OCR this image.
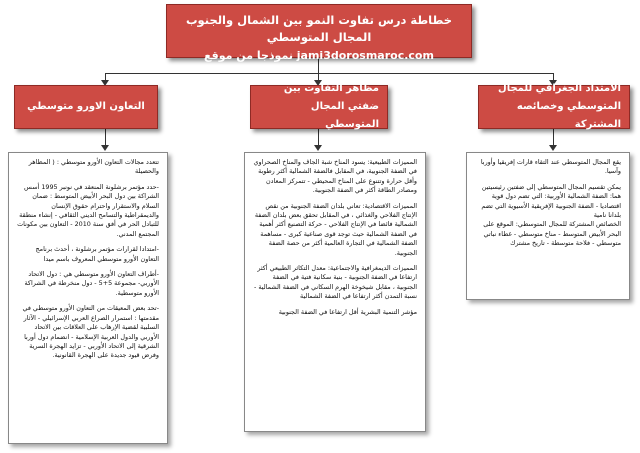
خطاطة درس تفاوت النمو بين الشمال والجنوب المجال المتوسطي
jami3dorosmaroc.com نموذجا من موقع
الامتداد الجغرافي للمجال المتوسطي وخصائصه المشتركة
مظاهر التفاوت بين ضفتي المجال المتوسطي
التعاون الاورو متوسطي
يقع المجال المتوسطي عند التقاء قارات إفريقيا وأوربا وآسيا.
يمكن تقسيم المجال المتوسطي إلى ضفتين رئيسيتين هما: الضفة الشمالية الأوربية: التي تضم دول قوية اقتصاديا - الضفة الجنوبية الإفريقية الأسيوية التي تضم بلدانا نامية
الخصائص المشتركة للمجال المتوسطي: الموقع على البحر الأبيض المتوسط - مناخ متوسطي - غطاء نباتي متوسطي - فلاحة متوسطة - تاريخ مشترك
المميزات الطبيعية: يسود المناخ شبة الجاف والمناخ الصحراوي في الضفة الجنوبية، في المقابل فالضفة الشمالية أكثر رطوبة وأقل حرارة وتتنوع على المناخ المحيطي - تتمركز المعادن ومصادر الطاقة أكثر في الضفة الجنوبية.
المميزات الاقتصادية: تعاني بلدان الضفة الجنوبية من نقص الإنتاج الفلاحي والغذائي ، في المقابل تحقق بعض بلدان الضفة الشمالية فائضا في الإنتاج الفلاحي - حركة التصنيع أكثر أهمية في الضفة الشمالية حيث توجد قوى صناعية كبرى - مساهمة الضفة الشمالية في التجارة العالمية أكثر من حصة الضفة الجنوبية.
المميزات الديمغرافية والاجتماعية: معدل التكاثر الطبيعي أكثر ارتفاعا في الضفة الجنوبية - بنية سكانية فتية في الضفة الجنوبية ، مقابل شيخوخة الهرم السكاني في الضفة الشمالية - نسبة التمدن أكثر ارتفاعا في الضفة الشمالية
مؤشر التنمية البشرية أقل ارتفاعا في الضفة الجنوبية
تتعدد مجالات التعاون الأورو متوسطي : ( المظاهر والحصيلة
-حدد مؤتمر برشلونة المنعقد في نونبر 1995 أسس الشراكة بين دول البحر الأبيض المتوسط : ضمان السلام والاستقرار واحترام حقوق الإنسان والديمقراطية والتسامح الديني الثقافي - إنشاء منطقة للتبادل الحر في أفق سنة 2010 - التعاون بين مكونات المجتمع المدني.
-امتدادا لقرارات مؤتمر برشلونة ، أحدث برنامج التعاون الأورو متوسطي المعروف باسم ميدا
-أطراف التعاون الأورو متوسطي هي : دول الاتحاد الأوربي- مجموعة 5+5 - دول منخرطة في الشراكة الأورو متوسطية.
-تحد بعض المعيقات من التعاون الأورو متوسطي في مقدمتها : استمرار الصراع العربي الإسرائيلي - الآثار السلبية لقضية الإرهاب على العلاقات بين الاتحاد الأوربي والدول العربية الإسلامية - انضمام دول أوربا الشرقية إلى الاتحاد الأوربي - تزايد الهجرة السرية وفرض قيود جديدة على الهجرة القانونية.
